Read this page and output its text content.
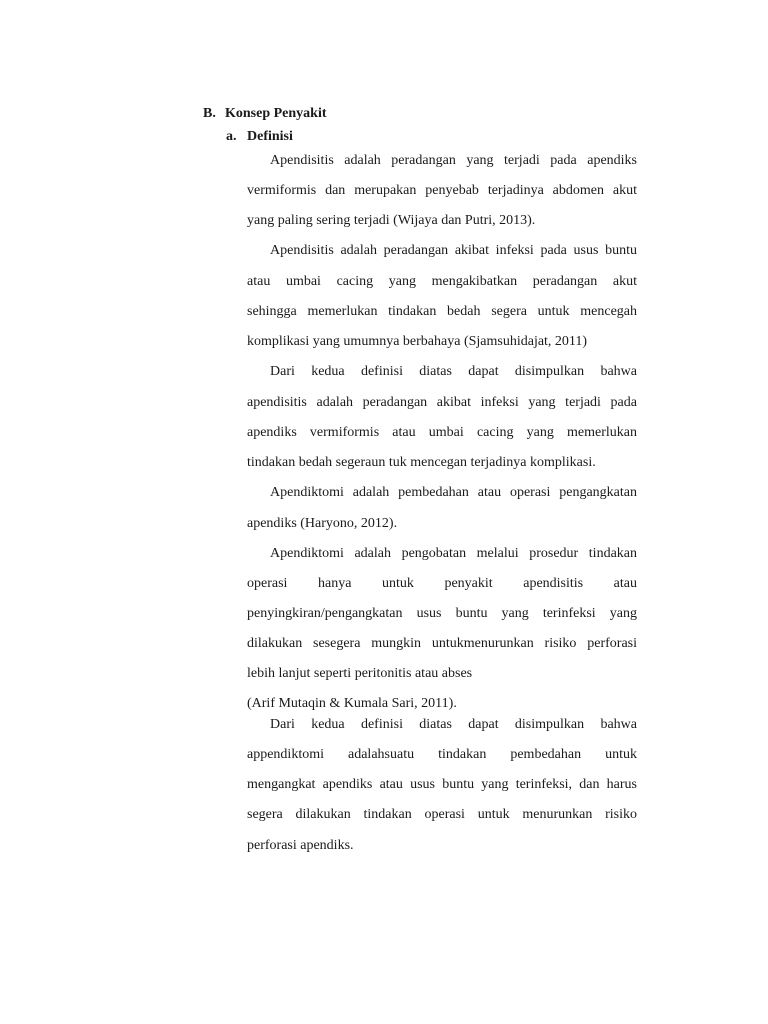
B. Konsep Penyakit
a. Definisi
Apendisitis adalah peradangan yang terjadi pada apendiks
vermiformis dan merupakan penyebab terjadinya abdomen akut
yang paling sering terjadi (Wijaya dan Putri, 2013).
Apendisitis adalah peradangan akibat infeksi pada usus buntu
atau umbai cacing yang mengakibatkan peradangan akut
sehingga memerlukan tindakan bedah segera untuk mencegah
komplikasi yang umumnya berbahaya (Sjamsuhidajat, 2011)
Dari kedua definisi diatas dapat disimpulkan bahwa
apendisitis adalah peradangan akibat infeksi yang terjadi pada
apendiks vermiformis atau umbai cacing yang memerlukan
tindakan bedah segeraun tuk mencegan terjadinya komplikasi.
Apendiktomi adalah pembedahan atau operasi pengangkatan
apendiks (Haryono, 2012).
Apendiktomi adalah pengobatan melalui prosedur tindakan
operasi hanya untuk penyakit apendisitis atau
penyingkiran/pengangkatan usus buntu yang terinfeksi yang
dilakukan sesegera mungkin untukmenurunkan risiko perforasi
lebih lanjut seperti peritonitis atau abses
(Arif Mutaqin & Kumala Sari, 2011).
Dari kedua definisi diatas dapat disimpulkan bahwa
appendiktomi adalahsuatu tindakan pembedahan untuk
mengangkat apendiks atau usus buntu yang terinfeksi, dan harus
segera dilakukan tindakan operasi untuk menurunkan risiko
perforasi apendiks.
